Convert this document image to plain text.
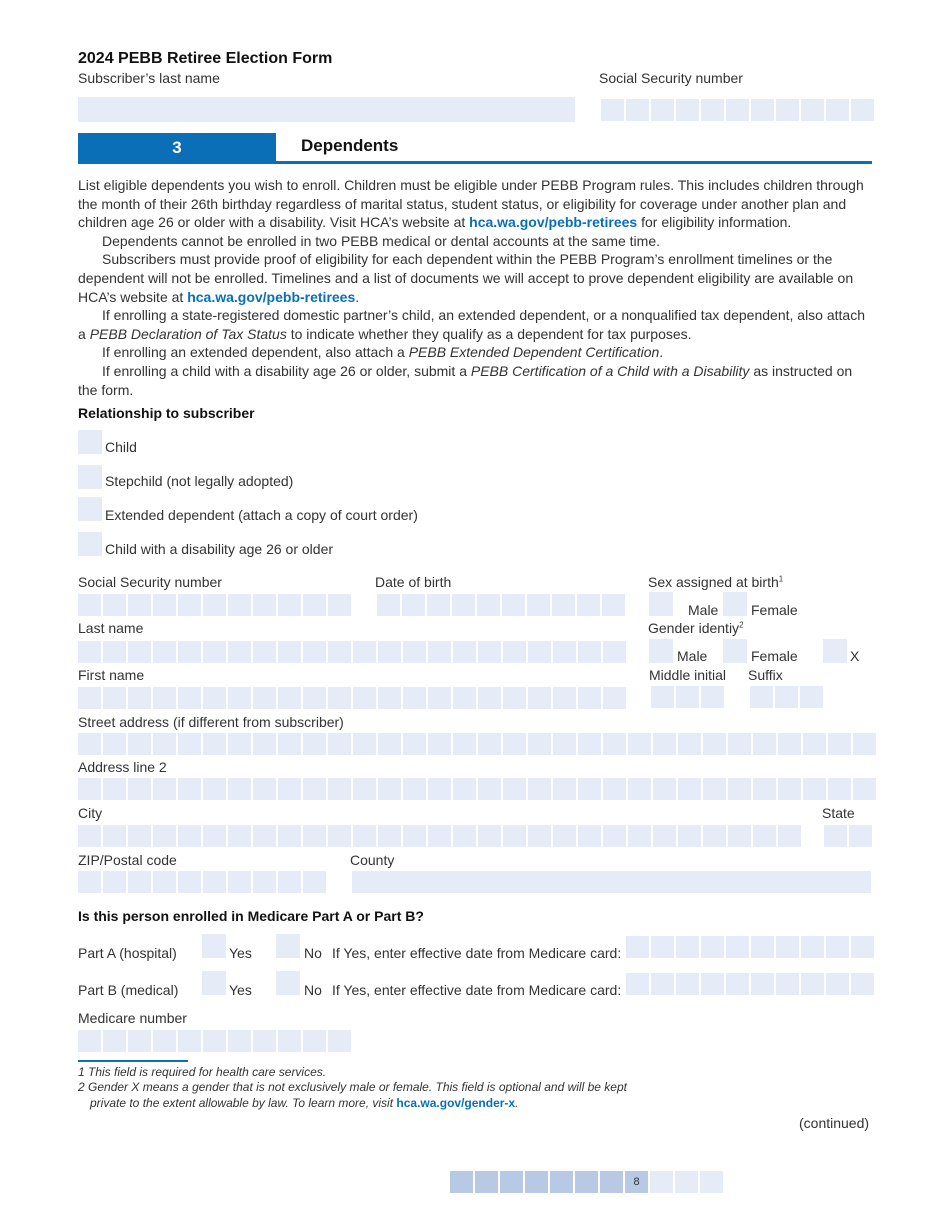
2024 PEBB Retiree Election Form
Subscriber’s last name	Social Security number
3	Dependents

List eligible dependents you wish to enroll. Children must be eligible under PEBB Program rules. This includes children through the month of their 26th birthday regardless of marital status, student status, or eligibility for coverage under another plan and children age 26 or older with a disability. Visit HCA’s website at hca.wa.gov/pebb-retirees for eligibility information.

Dependents cannot be enrolled in two PEBB medical or dental accounts at the same time.

Subscribers must provide proof of eligibility for each dependent within the PEBB Program’s enrollment timelines or the dependent will not be enrolled. Timelines and a list of documents we will accept to prove dependent eligibility are available on HCA’s website at hca.wa.gov/pebb-retirees.

If enrolling a state-registered domestic partner’s child, an extended dependent, or a nonqualified tax dependent, also attach a PEBB Declaration of Tax Status to indicate whether they qualify as a dependent for tax purposes.

If enrolling an extended dependent, also attach a PEBB Extended Dependent Certification.

If enrolling a child with a disability age 26 or older, submit a PEBB Certification of a Child with a Disability as instructed on the form.

Relationship to subscriber
Child
Stepchild (not legally adopted)
Extended dependent (attach a copy of court order)
Child with a disability age 26 or older
Social Security number	Date of birth	Sex assigned at birth$^1$
Male Female
Last name	Gender identiy$^2$
Male	Female	X
First name	Middle initial Suffix
Street address (if different from subscriber)
Address line 2
City	State
ZIP/Postal code	County
Is this person enrolled in Medicare Part A or Part B?
Part A (hospital)	Yes	No If Yes, enter effective date from Medicare card:
Part B (medical)	Yes	No If Yes, enter effective date from Medicare card:
Medicare number
1 This field is required for health care services.
2 Gender X means a gender that is not exclusively male or female. This field is optional and will be kept
private to the extent allowable by law. To learn more, visit hca.wa.gov/gender-x.
(continued)
8
